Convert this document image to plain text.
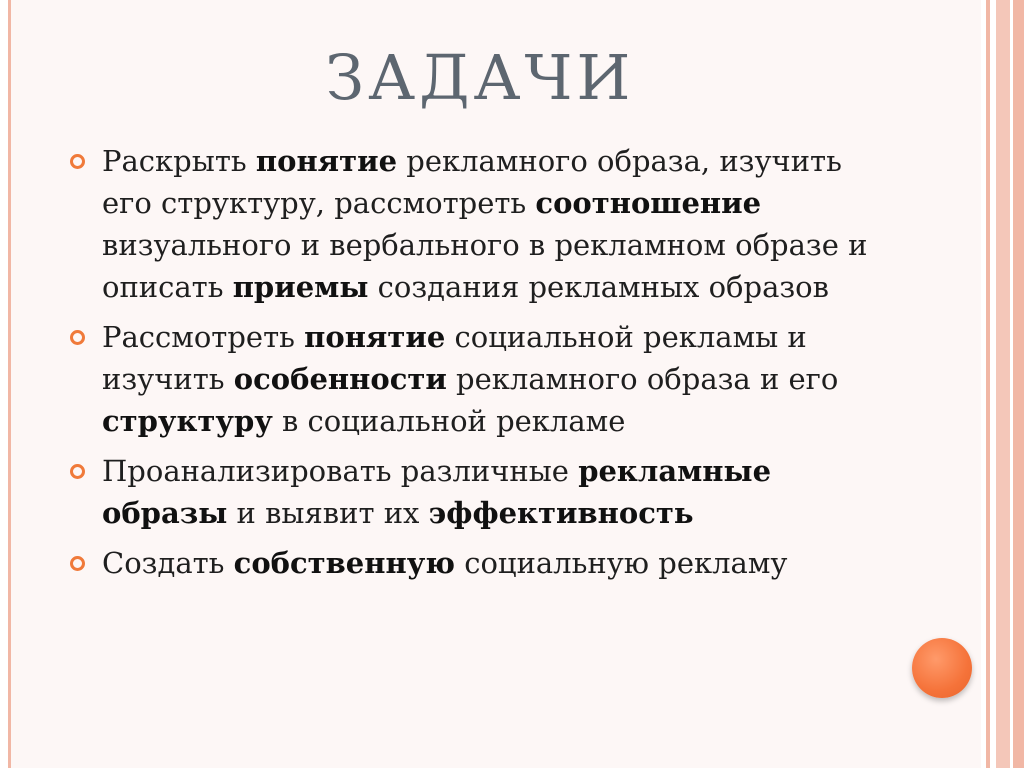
ЗАДАЧИ
Раскрыть понятие рекламного образа, изучить его структуру, рассмотреть соотношение визуального и вербального в рекламном образе и описать приемы создания рекламных образов
Рассмотреть понятие социальной рекламы и изучить особенности рекламного образа и его структуру в социальной рекламе
Проанализировать различные рекламные образы и выявит их эффективность
Создать собственную социальную рекламу
